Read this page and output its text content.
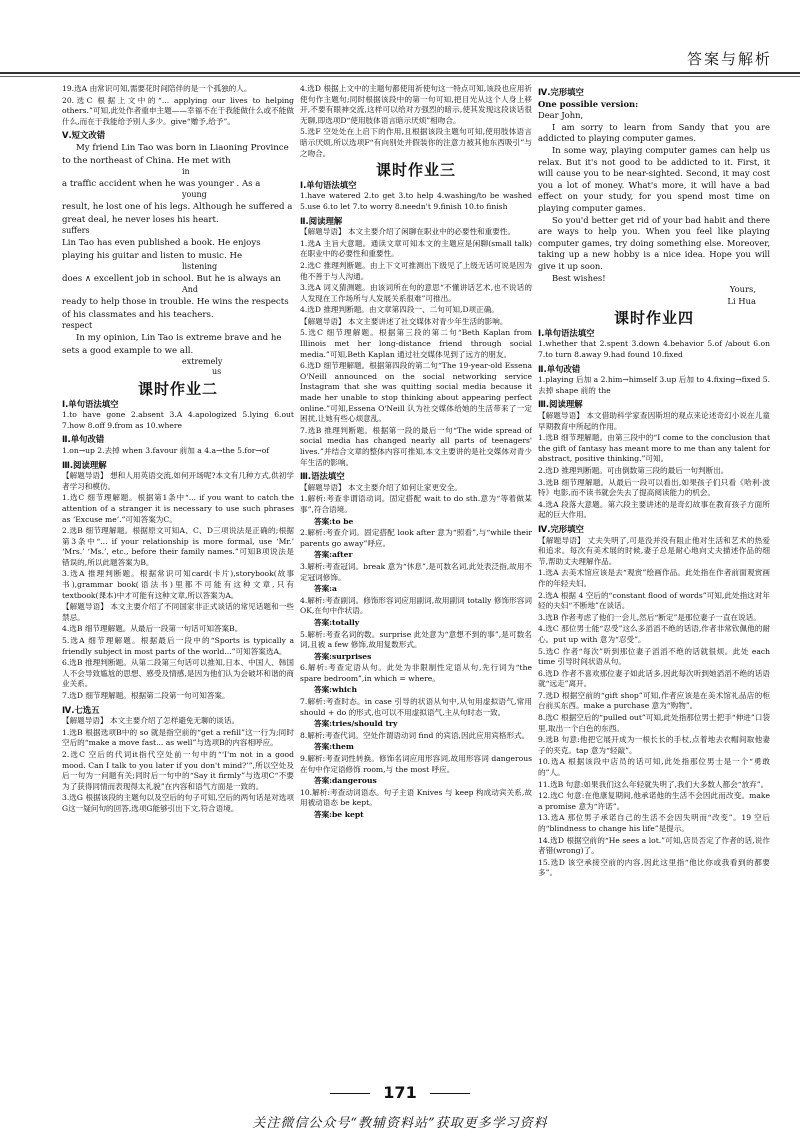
答案与解析
19.选A 由常识可知,需要花时间陪伴的是一个孤独的人。
20.选C 根据上文中的“... applying our lives to helping others.”可知,此处作者重申主题——幸福不在于我能做什么或不能做什么,而在于我能给予别人多少。give“赠予,给予”。
Ⅴ.短文改错
My friend Lin Tao was born in Liaoning Province to the northeast of China. He met with
in
a traffic accident when he was younger . As a
young
result, he lost one of his legs. Although he suffered a great deal, he never loses his heart.
suffers
Lin Tao has even published a book. He enjoys playing his guitar and listen to music. He
listening
does ∧ excellent job in school. But he is always an
And
ready to help those in trouble. He wins the respects of his classmates and his teachers.
respect
In my opinion, Lin Tao is extreme brave and he sets a good example to we all.
extremely
us
课时作业二
Ⅰ.单句语法填空
1.to have gone 2.absent 3.A 4.apologized 5.lying 6.out 7.how 8.off 9.from as 10.where
Ⅱ.单句改错
1.on→up 2.去掉 when 3.favour 前加 a 4.a→the 5.for→of
Ⅲ.阅读理解
【解题导语】 想和人用英语交流,如何开场呢?本文有几种方式,供初学者学习和模仿。
1.选C 细节理解题。根据第1条中“... if you want to catch the attention of a stranger it is necessary to use such phrases as ‘Excuse me’.”可知答案为C。
2.选B 细节理解题。根据原文可知A、C、D三项说法是正确的;根据第3条中“... if your relationship is more formal, use ‘Mr.’ ‘Mrs.’ ‘Ms.’, etc., before their family names.”可知B项说法是错误的,所以此题答案为B。
3.选A 推理判断题。根据常识可知card(卡片),storybook(故事书),grammar book(语法书)里都不可能有这种文章,只有textbook(课本)中才可能有这种文章,所以答案为A。
【解题导语】 本文主要介绍了不同国家非正式谈话的常见话题和一些禁忌。
4.选B 细节理解题。从最后一段第一句话可知答案B。
5.选A 细节理解题。根据最后一段中的“Sports is typically a friendly subject in most parts of the world...”可知答案选A。
6.选B 推理判断题。从第二段第三句话可以推知,日本、中国人、韩国人不会导致尴尬的思想、感受及情感,是因为他们认为会破坏和谐的商业关系。
7.选D 细节理解题。根据第二段第一句可知答案。
Ⅳ.七选五
【解题导语】 本文主要介绍了怎样避免无聊的谈话。
1.选B 根据选项B中的 so 就是指空前的“get a refill”这一行为;同时空后的“make a move fast... as well”与选项B的内容相呼应。
2.选C 空后的代词it指代空处前一句中的“‘I'm not in a good mood. Can I talk to you later if you don't mind?’”,所以空处及后一句为一问题有关;同时后一句中的“Say it firmly”与选项C“不要为了获得同情而表现得太礼貌”在内容和语气方面是一致的。
3.选G 根据该段的主题句以及空后的句子可知,空后的两句话是对选项G这一疑问句的回答,选项G能够引出下文,符合语境。
4.选D 根据上文中的主题句都使用祈使句这一特点可知,该段也应用祈使句作主题句;同时根据该段中的第一句可知,把目光从这个人身上移开,不要有眼神交流,这样可以给对方强烈的暗示,使其发现这段谈话很无聊,即选项D“使用肢体语言暗示厌烦”相吻合。
5.选F 空处处在上启下的作用,且根据该段主题句可知,使用肢体语言暗示厌烦,所以选项F“有向别处并假装你的注意力被其他东西吸引”与之吻合。
课时作业三
Ⅰ.单句语法填空
1.have watered 2.to get 3.to help 4.washing/to be washed 5.use 6.to let 7.to worry 8.needn't 9.finish 10.to finish
Ⅱ.阅读理解
【解题导语】 本文主要介绍了闲聊在职业中的必要性和重要性。
1.选A 主旨大意题。通读文章可知本文的主题应是闲聊(small talk)在职业中的必要性和重要性。
2.选C 推理判断题。由上下文可推测出下级见了上级无话可说是因为他不善于与人沟通。
3.选A 词义猜测题。由该词所在句的意思“不懂讲话艺术,也不说话的人发现在工作场所与人发展关系很难”可推出。
4.选D 推理判断题。由文章第四段一、二句可知,D项正确。
【解题导语】 本文主要讲述了社交媒体对青少年生活的影响。
5.选C 细节理解题。根据第三段的第二句“Beth Kaplan from Illinois met her long-distance friend through social media.”可知,Beth Kaplan 通过社交媒体见到了远方的朋友。
6.选D 细节理解题。根据第四段的第二句“The 19-year-old Essena O'Neill announced on the social networking service Instagram that she was quitting social media because it made her unable to stop thinking about appearing perfect online.”可知,Essena O'Neill 认为社交媒体给她的生活带来了一定困扰,让她有些心烦意乱。
7.选B 推理判断题。根据第一段的最后一句“The wide spread of social media has changed nearly all parts of teenagers' lives.”并结合文章的整体内容可推知,本文主要讲的是社交媒体对青少年生活的影响。
Ⅲ.语法填空
【解题导语】 本文主要介绍了如何让家更安全。
1.解析:考查非谓语动词。固定搭配 wait to do sth.意为“等着做某事”,符合语境。
答案:to be
2.解析:考查介词。固定搭配 look after 意为“照看”,与“while their parents go away”呼应。
答案:after
3.解析:考查冠词。break 意为“休息”,是可数名词,此处表泛指,故用不定冠词修饰。
答案:a
4.解析:考查副词。修饰形容词应用副词,故用副词 totally 修饰形容词 OK,在句中作状语。
答案:totally
5.解析:考查名词的数。surprise 此处意为“意想不到的事”,是可数名词,且被 a few 修饰,故用复数形式。
答案:surprises
6.解析:考查定语从句。此处为非限制性定语从句,先行词为“the spare bedroom”,in which = where。
答案:which
7.解析:考查时态。in case 引导的状语从句中,从句用虚拟语气,常用 should + do 的形式,也可以不用虚拟语气,主从句时态一致。
答案:tries/should try
8.解析:考查代词。空处作谓语动词 find 的宾语,因此应用宾格形式。
答案:them
9.解析:考查词性转换。修饰名词应用形容词,故用形容词 dangerous 在句中作定语修饰 room,与 the most 呼应。
答案:dangerous
10.解析:考查动词语态。句子主语 Knives 与 keep 构成动宾关系,故用被动语态 be kept。
答案:be kept
Ⅳ.完形填空
One possible version:
Dear John,
I am sorry to learn from Sandy that you are addicted to playing computer games.
In some way, playing computer games can help us relax. But it's not good to be addicted to it. First, it will cause you to be near-sighted. Second, it may cost you a lot of money. What's more, it will have a bad effect on your study, for you spend most time on playing computer games.
So you'd better get rid of your bad habit and there are ways to help you. When you feel like playing computer games, try doing something else. Moreover, taking up a new hobby is a nice idea. Hope you will give it up soon.
Best wishes!
Yours,
Li Hua
课时作业四
Ⅰ.单句语法填空
1.whether that 2.spent 3.down 4.behavior 5.of /about 6.on 7.to turn 8.away 9.had found 10.fixed
Ⅱ.单句改错
1.playing 后加 a 2.him→himself 3.up 后加 to 4.fixing→fixed 5.去掉 shape 前的 the
Ⅲ.阅读理解
【解题导语】 本文借助科学家查因斯坦的观点来论述奇幻小说在儿童早期教育中所起的作用。
1.选B 细节理解题。由第三段中的“I come to the conclusion that the gift of fantasy has meant more to me than any talent for abstract, positive thinking.”可知。
2.选D 推理判断题。可由倒数第三段的最后一句判断出。
3.选B 细节理解题。从最后一段可以看出,如果孩子们只看《哈利·波特》电影,而不读书就会失去了提高阅读能力的机会。
4.选A 段落大意题。第六段主要讲述的是奇幻故事在教育孩子方面所起的巨大作用。
Ⅳ.完形填空
【解题导语】 丈夫失明了,可是没并没有阻止他对生活和艺术的热爱和追求。每次有美术展的时候,妻子总是耐心地向丈夫描述作品的细节,帮助丈夫理解作品。
1.选A 去美术馆应该是去“观赏”绘画作品。此处指在作者前面观赏画作的年轻夫妇。
2.选A 根据 4 空后的“constant flood of words”可知,此处指这对年轻的夫妇“不断地”在谈话。
3.选B 作者考虑了他们一会儿,然后“断定”是那位妻子一直在说话。
4.选C 那位男士能“忍受”这么多滔滔不绝的话语,作者非常钦佩他的耐心。put up with 意为“忍受”。
5.选C 作者“每次”听到那位妻子滔滔不绝的话就很烦。此处 each time 引导时间状语从句。
6.选D 作者不喜欢那位妻子如此话多,因此每次听到她滔滔不绝的话语就“远走”离开。
7.选D 根据空前的“gift shop”可知,作者应该是在美术馆礼品店的柜台前买东西。make a purchase 意为“购物”。
8.选C 根据空后的“pulled out”可知,此处指那位男士把手“伸进”口袋里,取出一个白色的东西。
9.选B 句意:他把它展开成为一根长长的手杖,点着地去衣帽间取他妻子的夹克。tap 意为“轻敲”。
10.选A 根据该段中店员的话可知,此处指那位男士是一个“勇敢的”人。
11.选B 句意:如果我们这么年轻就失明了,我们大多数人都会“放弃”。
12.选C 句意:在他康复期间,他承诺他的生活不会因此而改变。make a promise 意为“许诺”。
13.选A 那位男子承诺自己的生活不会因失明而“改变”。19 空后的“blindness to change his life”是提示。
14.选D 根据空前的“He sees a lot.”可知,店员否定了作者的话,说作者错(wrong)了。
15.选D 该空承接空前的内容,因此这里指“他比你或我看到的都要多”。
171
关注微信公众号“教辅资料站”获取更多学习资料
